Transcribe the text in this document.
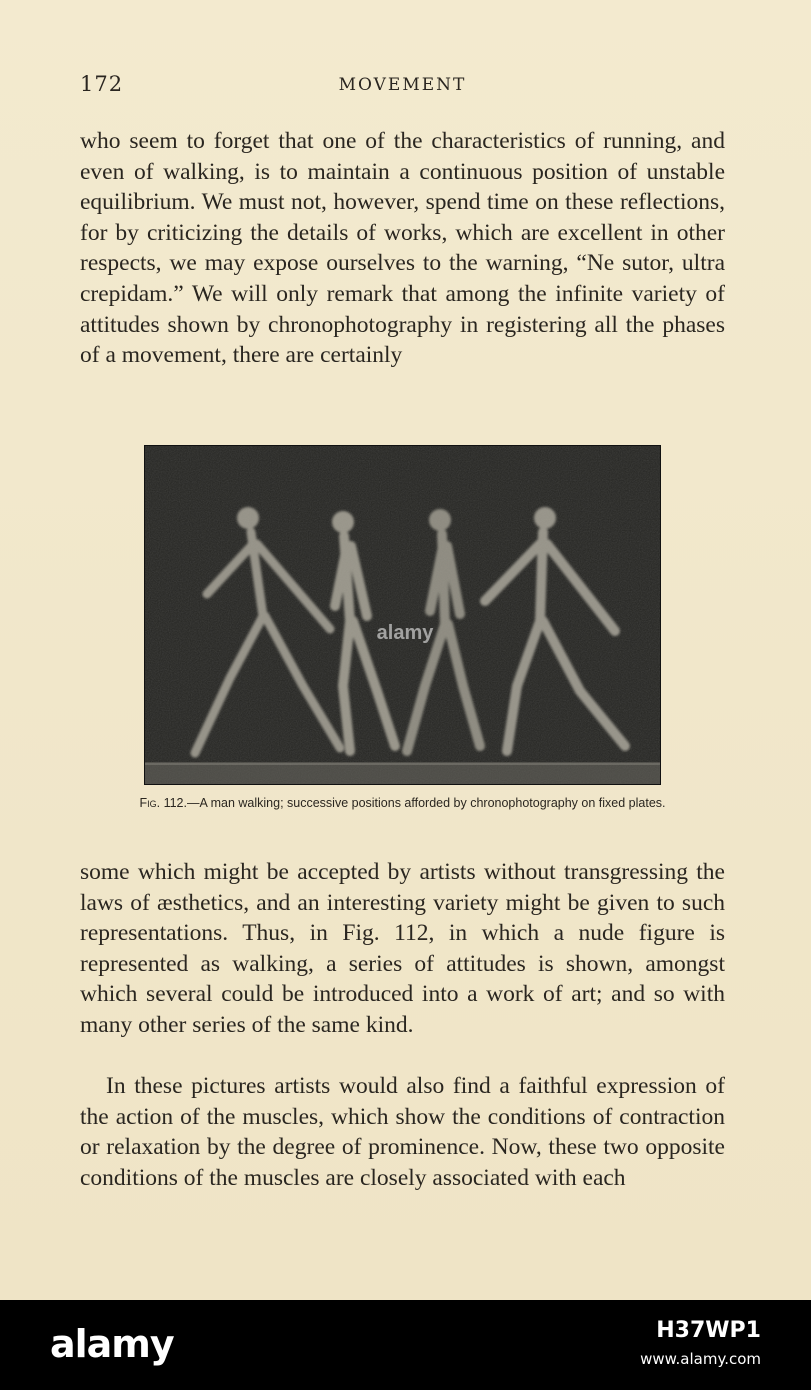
172	MOVEMENT

who seem to forget that one of the characteristics of running, and even of walking, is to maintain a continuous position of unstable equilibrium. We must not, however, spend time on these reflections, for by criticizing the details of works, which are excellent in other respects, we may expose ourselves to the warning, “Ne sutor, ultra crepidam.” We will only remark that among the infinite variety of attitudes shown by chronophotography in registering all the phases of a movement, there are certainly

alamy

Fig. 112.—A man walking; successive positions afforded by chronophotography on fixed plates.

some which might be accepted by artists without transgressing the laws of æsthetics, and an interesting variety might be given to such representations. Thus, in Fig. 112, in which a nude figure is represented as walking, a series of attitudes is shown, amongst which several could be introduced into a work of art; and so with many other series of the same kind.

In these pictures artists would also find a faithful expression of the action of the muscles, which show the conditions of contraction or relaxation by the degree of prominence. Now, these two opposite conditions of the muscles are closely associated with each

alamy	H37WP1
www.alamy.com
